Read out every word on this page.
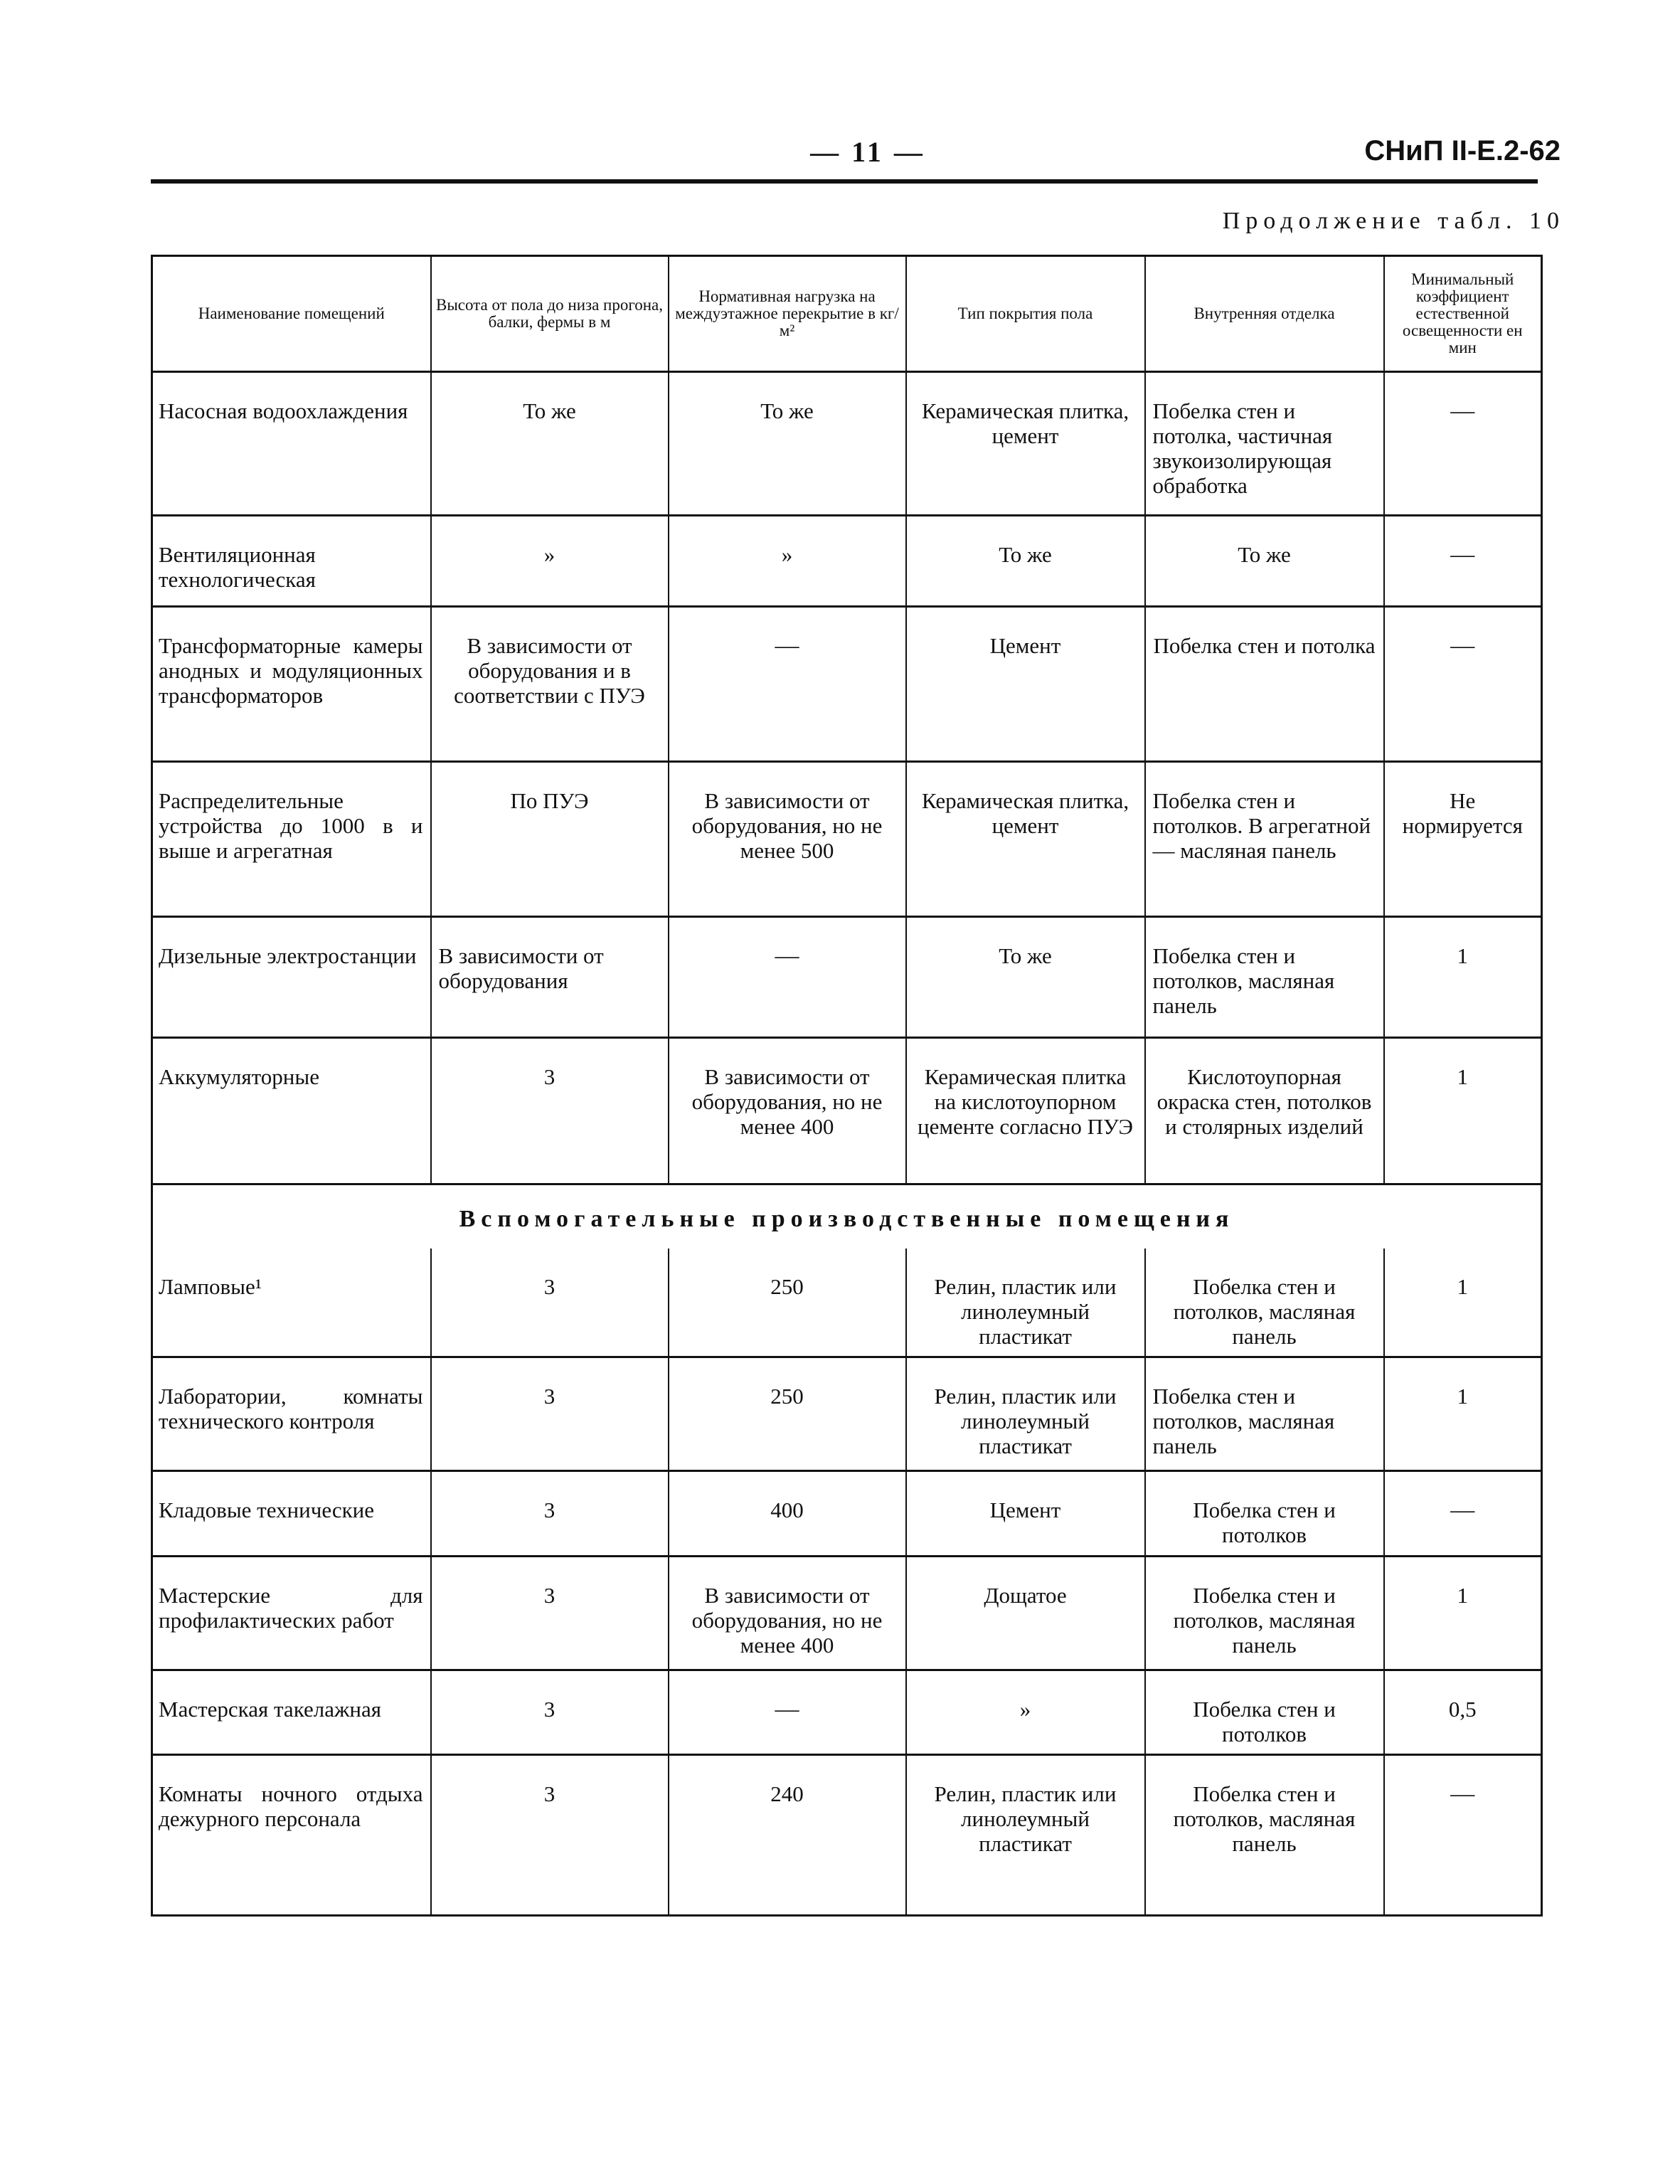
— 11 —	СНиП II-Е.2-62
Продолжение табл. 10
Наименование помещений	Высота от пола до низа прогона, балки, фермы в м	Нормативная нагрузка на междуэтажное перекрытие в кг/м²	Тип покрытия пола	Внутренняя отделка	Минимальный коэффициент естественной освещенности eн мин
Насосная водоохлаждения	То же	То же	Керамическая плитка, цемент	Побелка стен и потолка, частичная звукоизолирующая обработка	—
Вентиляционная технологическая	»	»	То же	То же	—
Трансформаторные камеры анодных и модуляционных трансформаторов	В зависимости от оборудования и в соответствии с ПУЭ	—	Цемент	Побелка стен и потолка	—
Распределительные устройства до 1000 в и выше и агрегатная	По ПУЭ	В зависимости от оборудования, но не менее 500	Керамическая плитка, цемент	Побелка стен и потолков. В агрегатной — масляная панель	Не нормируется
Дизельные электростанции	В зависимости от оборудования	—	То же	Побелка стен и потолков, масляная панель	1
Аккумуляторные	3	В зависимости от оборудования, но не менее 400	Керамическая плитка на кислотоупорном цементе согласно ПУЭ	Кислотоупорная окраска стен, потолков и столярных изделий	1
Вспомогательные производственные помещения					
Ламповые¹	3	250	Релин, пластик или линолеумный пластикат	Побелка стен и потолков, масляная панель	1
Лаборатории, комнаты технического контроля	3	250	Релин, пластик или линолеумный пластикат	Побелка стен и потолков, масляная панель	1
Кладовые технические	3	400	Цемент	Побелка стен и потолков	—
Мастерские для профилактических работ	3	В зависимости от оборудования, но не менее 400	Дощатое	Побелка стен и потолков, масляная панель	1
Мастерская такелажная	3	—	»	Побелка стен и потолков	0,5
Комнаты ночного отдыха дежурного персонала	3	240	Релин, пластик или линолеумный пластикат	Побелка стен и потолков, масляная панель	—
